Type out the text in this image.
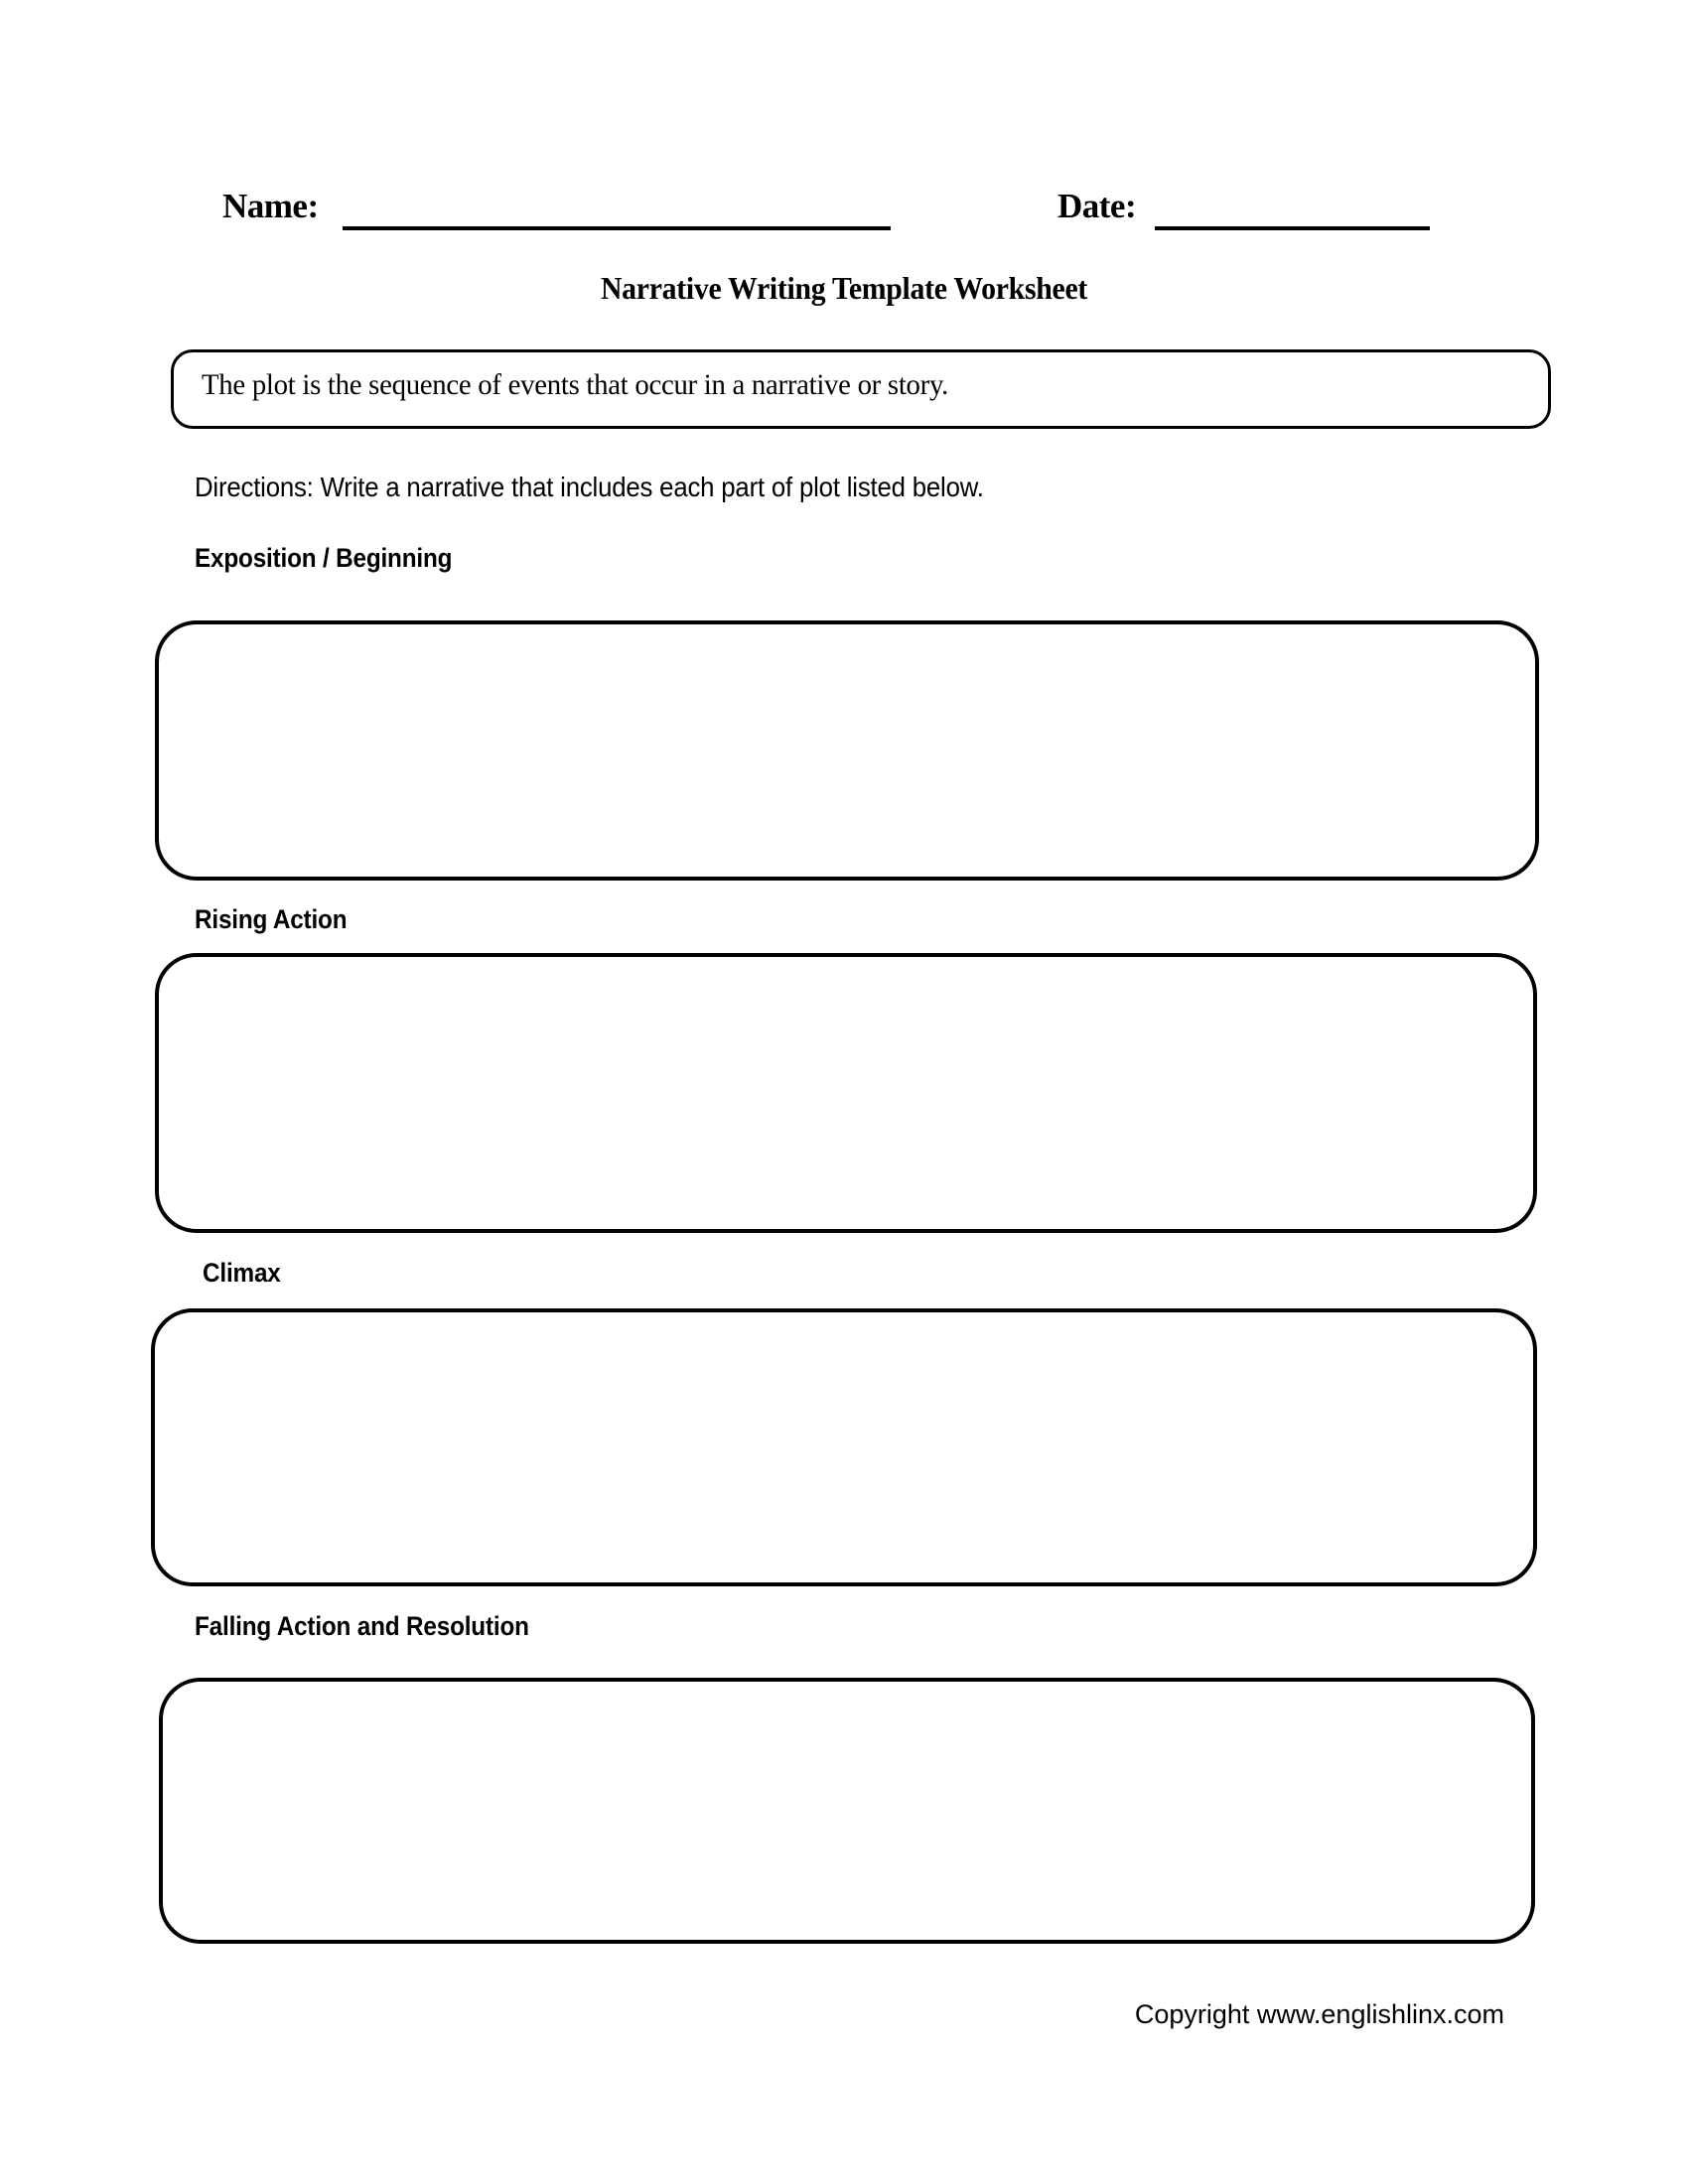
Name:	Date:
Narrative Writing Template Worksheet
The plot is the sequence of events that occur in a narrative or story.
Directions: Write a narrative that includes each part of plot listed below.
Exposition / Beginning
Rising Action
Climax
Falling Action and Resolution
Copyright www.englishlinx.com
